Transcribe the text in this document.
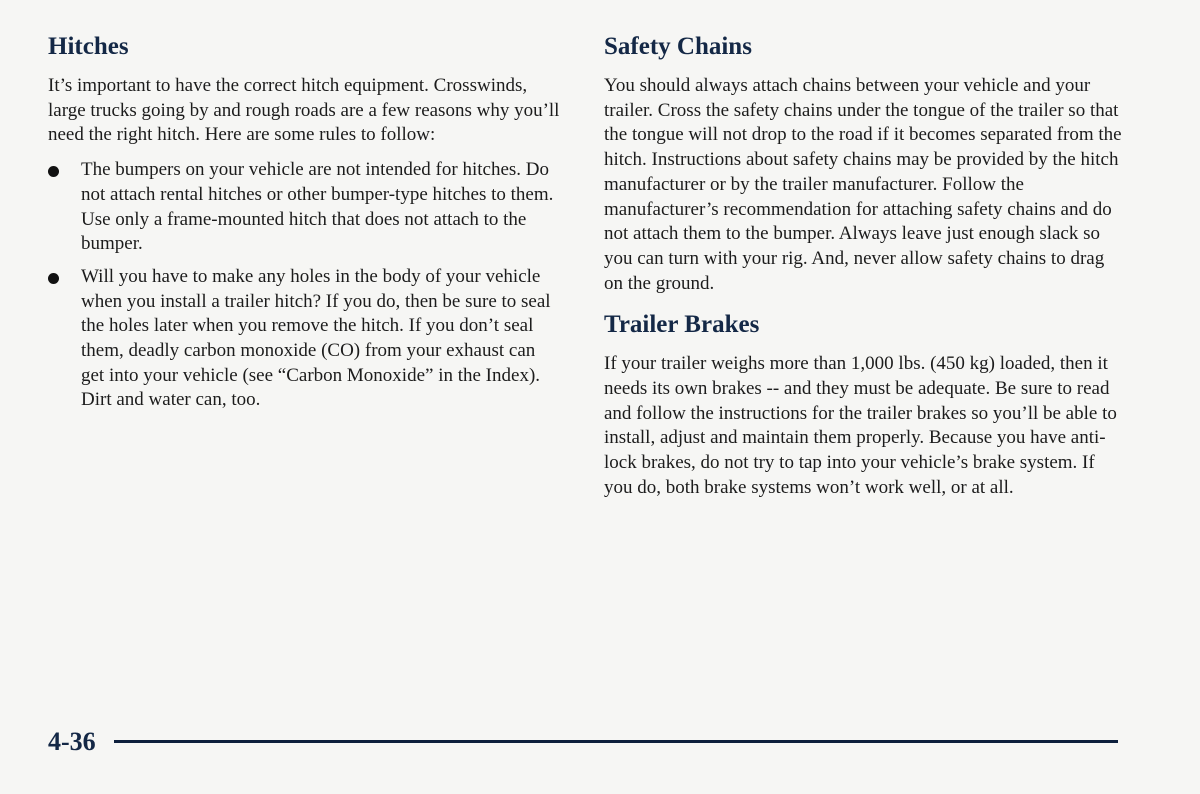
Hitches

It’s important to have the correct hitch equipment. Crosswinds, large trucks going by and rough roads are a few reasons why you’ll need the right hitch. Here are some rules to follow:

The bumpers on your vehicle are not intended for hitches. Do not attach rental hitches or other bumper-type hitches to them. Use only a frame-mounted hitch that does not attach to the bumper.
Will you have to make any holes in the body of your vehicle when you install a trailer hitch? If you do, then be sure to seal the holes later when you remove the hitch. If you don’t seal them, deadly carbon monoxide (CO) from your exhaust can get into your vehicle (see “Carbon Monoxide” in the Index). Dirt and water can, too.
Safety Chains

You should always attach chains between your vehicle and your trailer. Cross the safety chains under the tongue of the trailer so that the tongue will not drop to the road if it becomes separated from the hitch. Instructions about safety chains may be provided by the hitch manufacturer or by the trailer manufacturer. Follow the manufacturer’s recommendation for attaching safety chains and do not attach them to the bumper. Always leave just enough slack so you can turn with your rig. And, never allow safety chains to drag on the ground.

Trailer Brakes

If your trailer weighs more than 1,000 lbs. (450 kg) loaded, then it needs its own brakes -- and they must be adequate. Be sure to read and follow the instructions for the trailer brakes so you’ll be able to install, adjust and maintain them properly. Because you have anti-lock brakes, do not try to tap into your vehicle’s brake system. If you do, both brake systems won’t work well, or at all.

4-36
